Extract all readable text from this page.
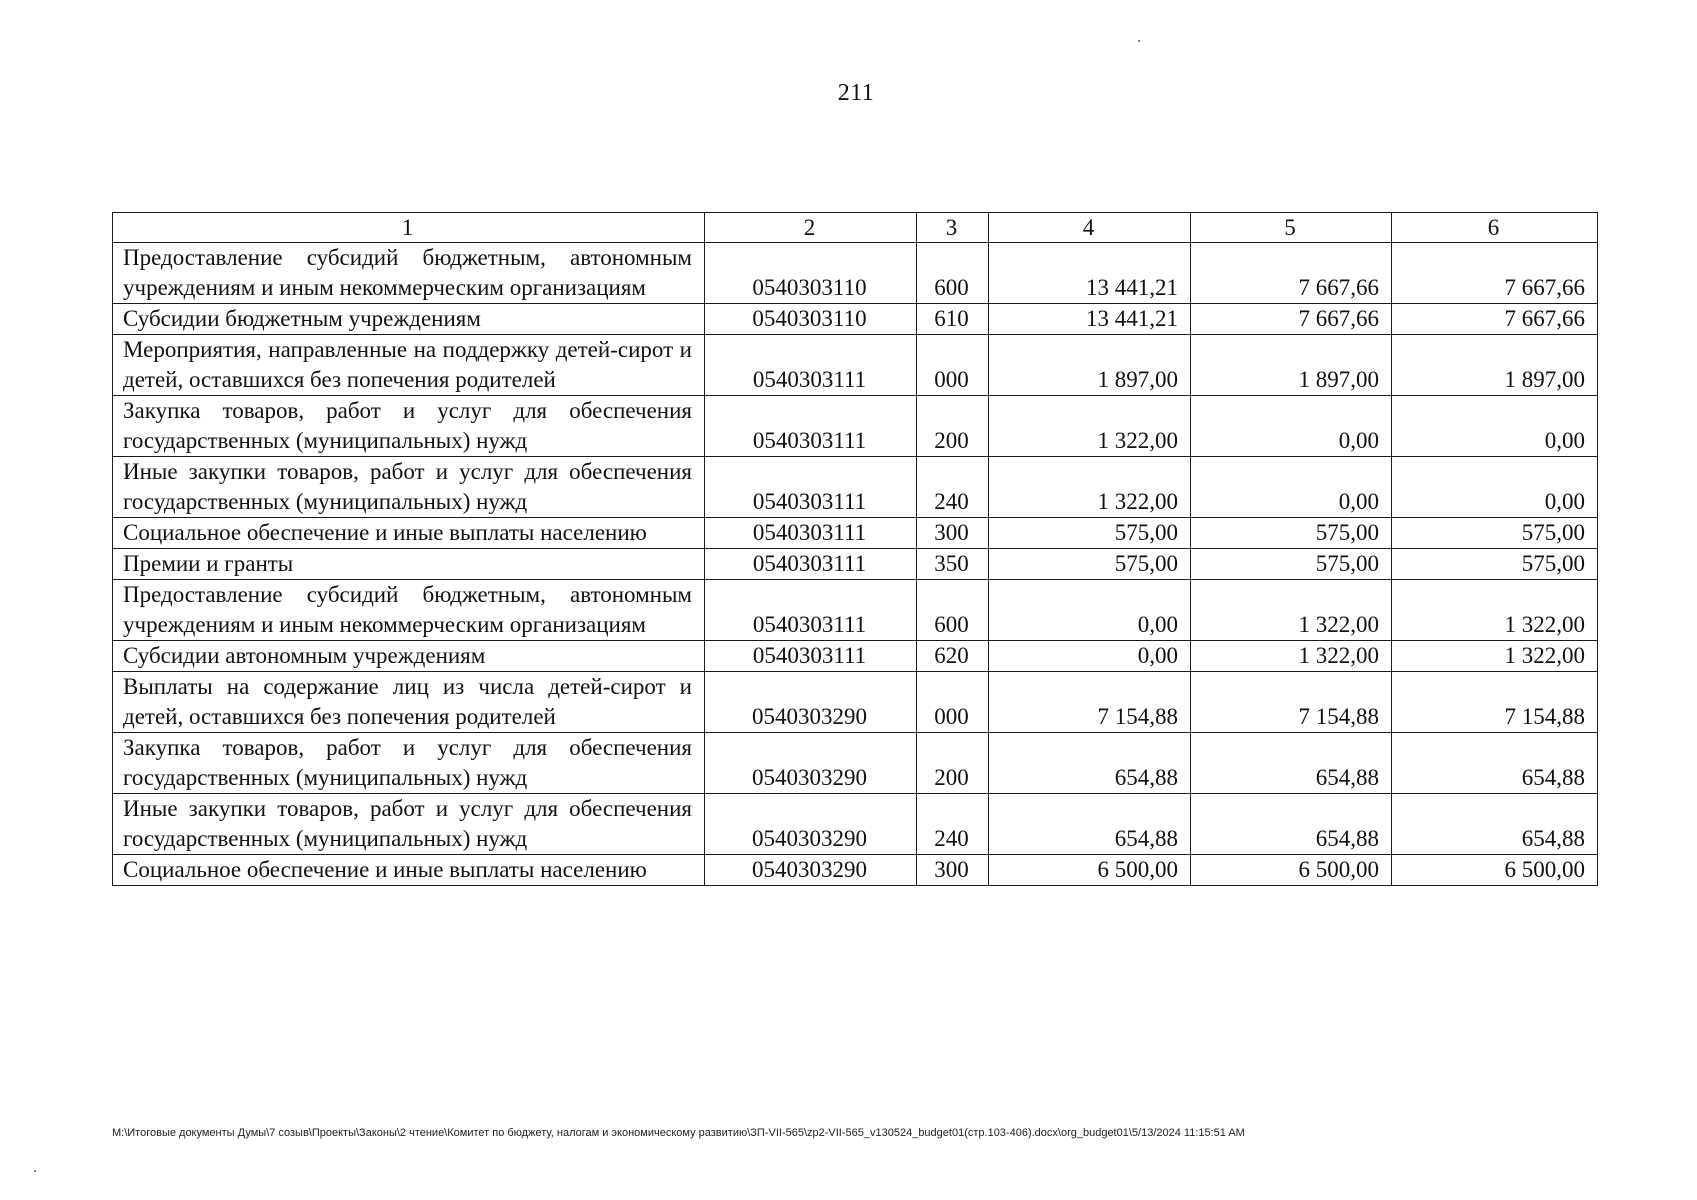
211
1	2	3	4	5	6
Предоставление субсидий бюджетным, автономным учреждениям и иным некоммерческим организациям	0540303110	600	13 441,21	7 667,66	7 667,66
Субсидии бюджетным учреждениям	0540303110	610	13 441,21	7 667,66	7 667,66
Мероприятия, направленные на поддержку детей-сирот и детей, оставшихся без попечения родителей	0540303111	000	1 897,00	1 897,00	1 897,00
Закупка товаров, работ и услуг для обеспечения государственных (муниципальных) нужд	0540303111	200	1 322,00	0,00	0,00
Иные закупки товаров, работ и услуг для обеспечения государственных (муниципальных) нужд	0540303111	240	1 322,00	0,00	0,00
Социальное обеспечение и иные выплаты населению	0540303111	300	575,00	575,00	575,00
Премии и гранты	0540303111	350	575,00	575,00	575,00
Предоставление субсидий бюджетным, автономным учреждениям и иным некоммерческим организациям	0540303111	600	0,00	1 322,00	1 322,00
Субсидии автономным учреждениям	0540303111	620	0,00	1 322,00	1 322,00
Выплаты на содержание лиц из числа детей-сирот и детей, оставшихся без попечения родителей	0540303290	000	7 154,88	7 154,88	7 154,88
Закупка товаров, работ и услуг для обеспечения государственных (муниципальных) нужд	0540303290	200	654,88	654,88	654,88
Иные закупки товаров, работ и услуг для обеспечения государственных (муниципальных) нужд	0540303290	240	654,88	654,88	654,88
Социальное обеспечение и иные выплаты населению	0540303290	300	6 500,00	6 500,00	6 500,00
M:\Итоговые документы Думы\7 созыв\Проекты\Законы\2 чтение\Комитет по бюджету, налогам и экономическому развитию\ЗП-VII-565\zp2-VII-565_v130524_budget01(стр.103-406).docx\org_budget01\5/13/2024 11:15:51 AM
